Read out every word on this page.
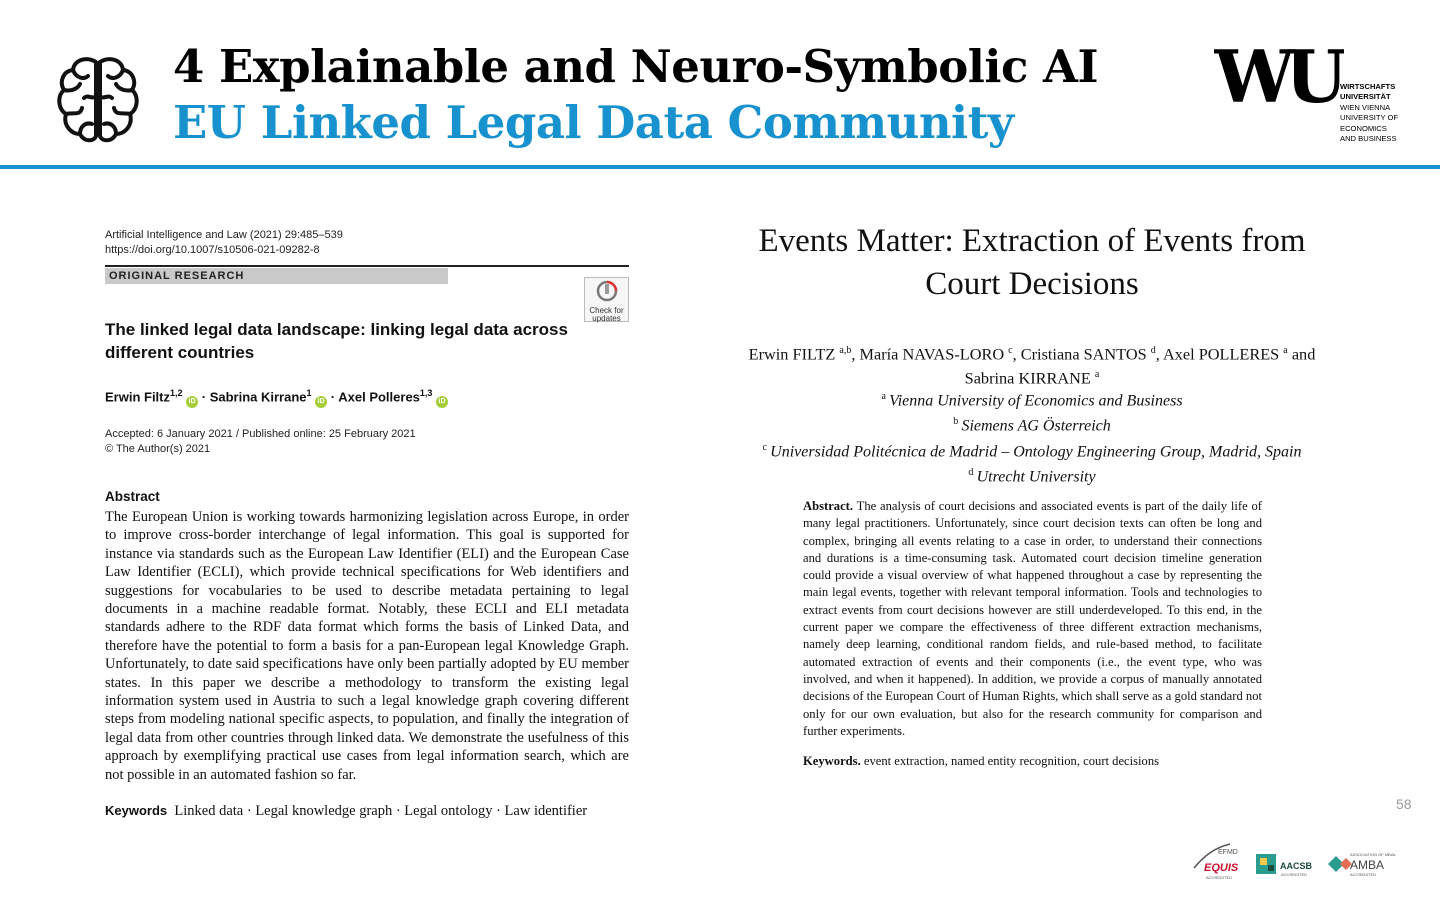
4 Explainable and Neuro-Symbolic AI
EU Linked Legal Data Community
WU WIRTSCHAFTS
UNIVERSITÄT
WIEN VIENNA
UNIVERSITY OF
ECONOMICS
AND BUSINESS
Artificial Intelligence and Law (2021) 29:485–539
https://doi.org/10.1007/s10506-021-09282-8
ORIGINAL RESEARCH
Check for
updates
The linked legal data landscape: linking legal data across different countries
Erwin Filtz$^{1,2}$ iD · Sabrina Kirrane$^1$ iD · Axel Polleres$^{1,3}$ iD
Accepted: 6 January 2021 / Published online: 25 February 2021
© The Author(s) 2021
Abstract
The European Union is working towards harmonizing legislation across Europe, in order to improve cross-border interchange of legal information. This goal is supported for instance via standards such as the European Law Identifier (ELI) and the European Case Law Identifier (ECLI), which provide technical specifications for Web identifiers and suggestions for vocabularies to be used to describe metadata pertaining to legal documents in a machine readable format. Notably, these ECLI and ELI metadata standards adhere to the RDF data format which forms the basis of Linked Data, and therefore have the potential to form a basis for a pan-European legal Knowledge Graph. Unfortunately, to date said specifications have only been partially adopted by EU member states. In this paper we describe a methodology to transform the existing legal information system used in Austria to such a legal knowledge graph covering different steps from modeling national specific aspects, to population, and finally the integration of legal data from other countries through linked data. We demonstrate the usefulness of this approach by exemplifying practical use cases from legal information search, which are not possible in an automated fashion so far.
Keywords Linked data · Legal knowledge graph · Legal ontology · Law identifier
Events Matter: Extraction of Events from
Court Decisions
Erwin FILTZ $^{a,b}$, María NAVAS-LORO $^c$, Cristiana SANTOS $^d$, Axel POLLERES $^a$ and
Sabrina KIRRANE $^a$
$^a$  Vienna University of Economics and Business
$^b$  Siemens AG Österreich
$^c$  Universidad Politécnica de Madrid – Ontology Engineering Group, Madrid, Spain
$^d$  Utrecht University
Abstract. The analysis of court decisions and associated events is part of the daily life of many legal practitioners. Unfortunately, since court decision texts can often be long and complex, bringing all events relating to a case in order, to understand their connections and durations is a time-consuming task. Automated court decision timeline generation could provide a visual overview of what happened throughout a case by representing the main legal events, together with relevant temporal information. Tools and technologies to extract events from court decisions however are still underdeveloped. To this end, in the current paper we compare the effectiveness of three different extraction mechanisms, namely deep learning, conditional random fields, and rule-based method, to facilitate automated extraction of events and their components (i.e., the event type, who was involved, and when it happened). In addition, we provide a corpus of manually annotated decisions of the European Court of Human Rights, which shall serve as a gold standard not only for our own evaluation, but also for the research community for comparison and further experiments.
Keywords. event extraction, named entity recognition, court decisions
58
EFMD
EQUIS
ACCREDITED
AACSB
ACCREDITED
ASSOCIATION OF MBAs
AMBA
ACCREDITED
